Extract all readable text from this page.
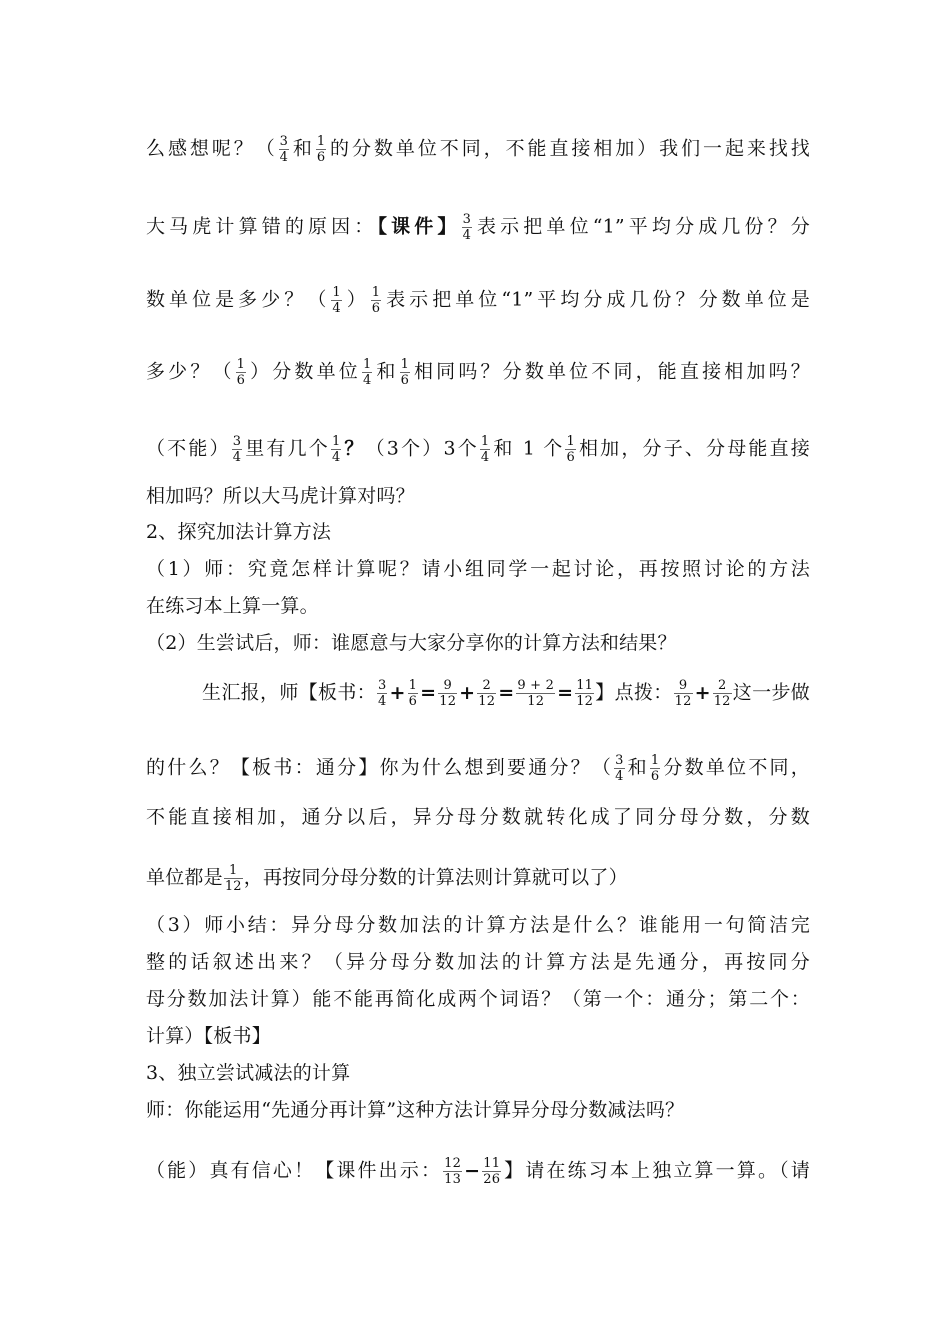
么感想呢？（ $\frac{3}{4}$ 和 $\frac{1}{6}$ 的分数单位不同，不能直接相加）我们一起来找找
大马虎计算错的原因：【课件】 $\frac{3}{4}$ 表示把单位“1”平均分成几份？分
数单位是多少？（ $\frac{1}{4}$ ） $\frac{1}{6}$ 表示把单位“1”平均分成几份？分数单位是
多少？（ $\frac{1}{6}$ ）分数单位 $\frac{1}{4}$ 和 $\frac{1}{6}$ 相同吗？分数单位不同，能直接相加吗？
（不能） $\frac{3}{4}$ 里有几个 $\frac{1}{4}$ ？（3个）3个 $\frac{1}{4}$ 和 1 个 $\frac{1}{6}$ 相加，分子、分母能直接
相加吗？所以大马虎计算对吗？
2、探究加法计算方法
（1）师：究竟怎样计算呢？请小组同学一起讨论，再按照讨论的方法
在练习本上算一算。
（2）生尝试后，师：谁愿意与大家分享你的计算方法和结果？
生汇报，师【板书： $\frac{3}{4} + \frac{1}{6} = \frac{9}{12} + \frac{2}{12} = \frac{9 + 2}{12} = \frac{11}{12}$ 】点拨： $\frac{9}{12} + \frac{2}{12}$ 这一步做
的什么？【板书：通分】你为什么想到要通分？（ $\frac{3}{4}$ 和 $\frac{1}{6}$ 分数单位不同，
不能直接相加，通分以后，异分母分数就转化成了同分母分数，分数
单位都是 $\frac{1}{12}$ ，再按同分母分数的计算法则计算就可以了）
（3）师小结：异分母分数加法的计算方法是什么？谁能用一句简洁完
整的话叙述出来？（异分母分数加法的计算方法是先通分，再按同分
母分数加法计算）能不能再简化成两个词语？（第一个：通分；第二个：
计算）【板书】
3、独立尝试减法的计算
师：你能运用“先通分再计算”这种方法计算异分母分数减法吗？
（能）真有信心！【课件出示： $\frac{12}{13} - \frac{11}{26}$ 】请在练习本上独立算一算。（请
